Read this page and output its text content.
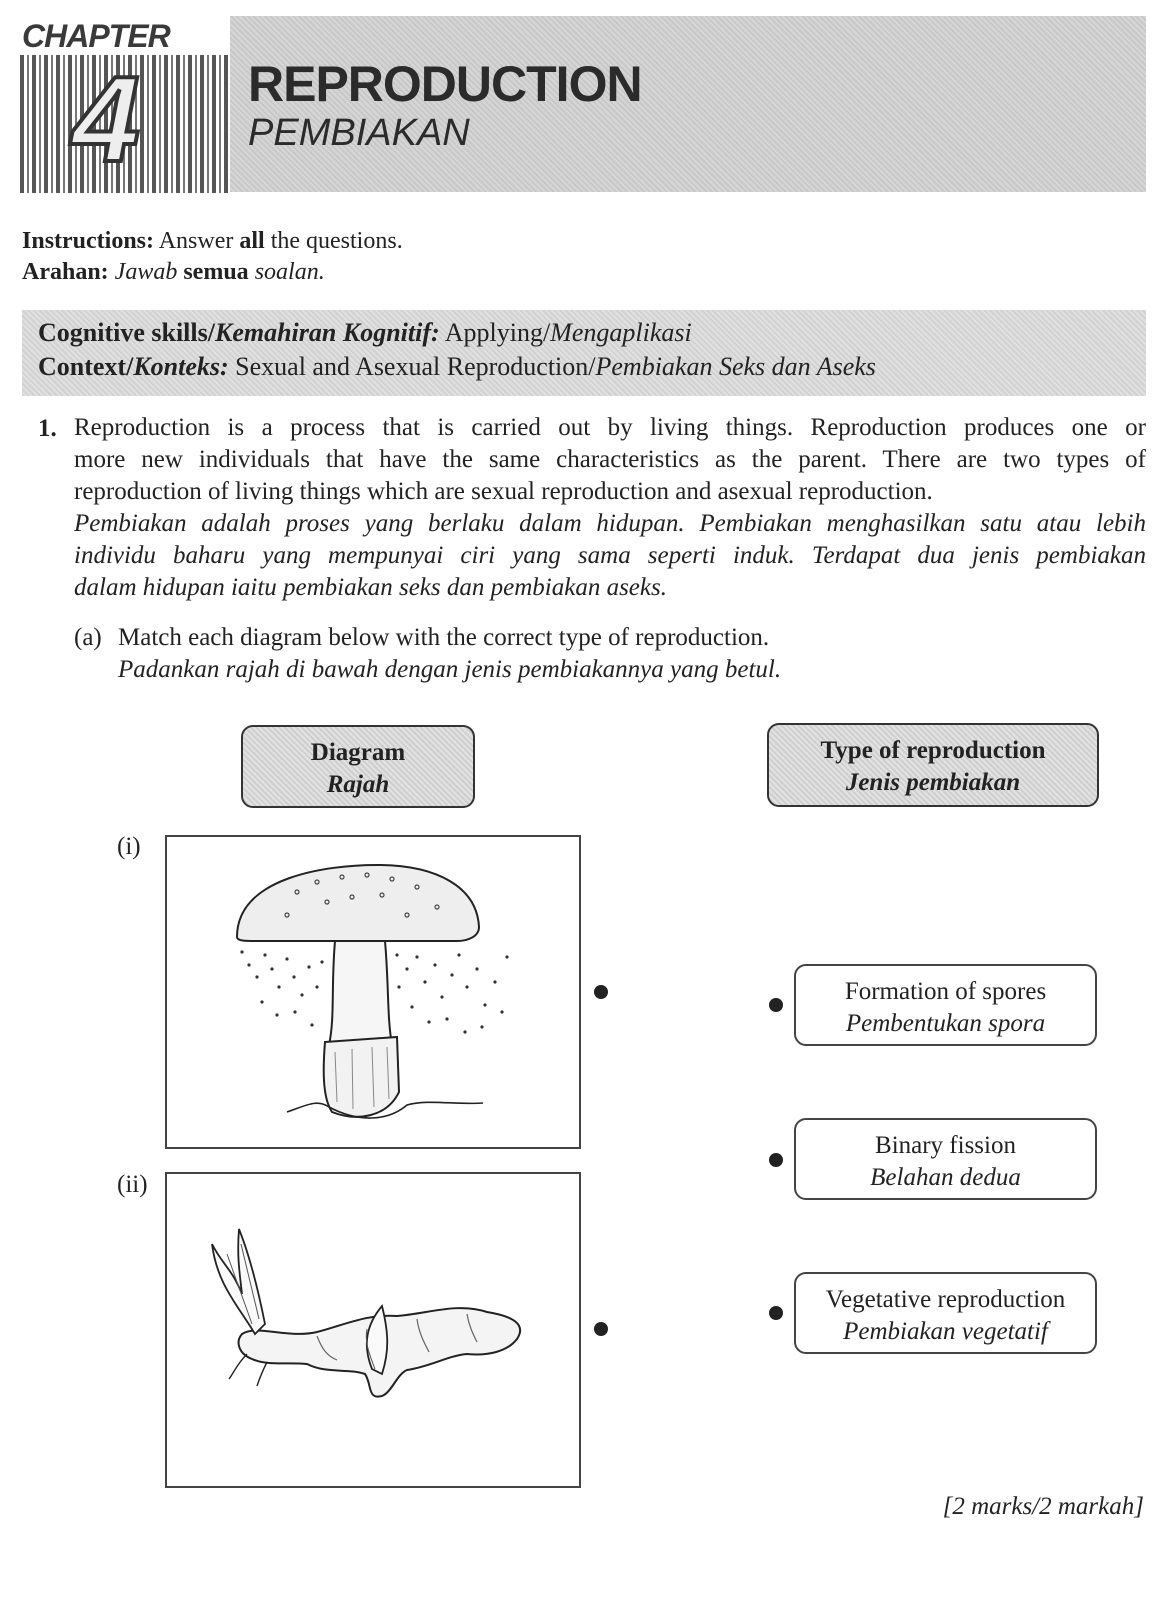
CHAPTER
4 REPRODUCTION
PEMBIAKAN
Instructions: Answer all the questions.
Arahan: Jawab semua soalan.
Cognitive skills/Kemahiran Kognitif: Applying/Mengaplikasi
Context/Konteks: Sexual and Asexual Reproduction/Pembiakan Seks dan Aseks
1. Reproduction is a process that is carried out by living things. Reproduction produces one or
more new individuals that have the same characteristics as the parent. There are two types of
reproduction of living things which are sexual reproduction and asexual reproduction.
Pembiakan adalah proses yang berlaku dalam hidupan. Pembiakan menghasilkan satu atau lebih
individu baharu yang mempunyai ciri yang sama seperti induk. Terdapat dua jenis pembiakan
dalam hidupan iaitu pembiakan seks dan pembiakan aseks.
(a) Match each diagram below with the correct type of reproduction.
Padankan rajah di bawah dengan jenis pembiakannya yang betul.
Diagram
Rajah
Type of reproduction
Jenis pembiakan
(i)
(ii)
Formation of spores
Pembentukan spora
Binary fission
Belahan dedua
Vegetative reproduction
Pembiakan vegetatif
[2 marks/2 markah]
